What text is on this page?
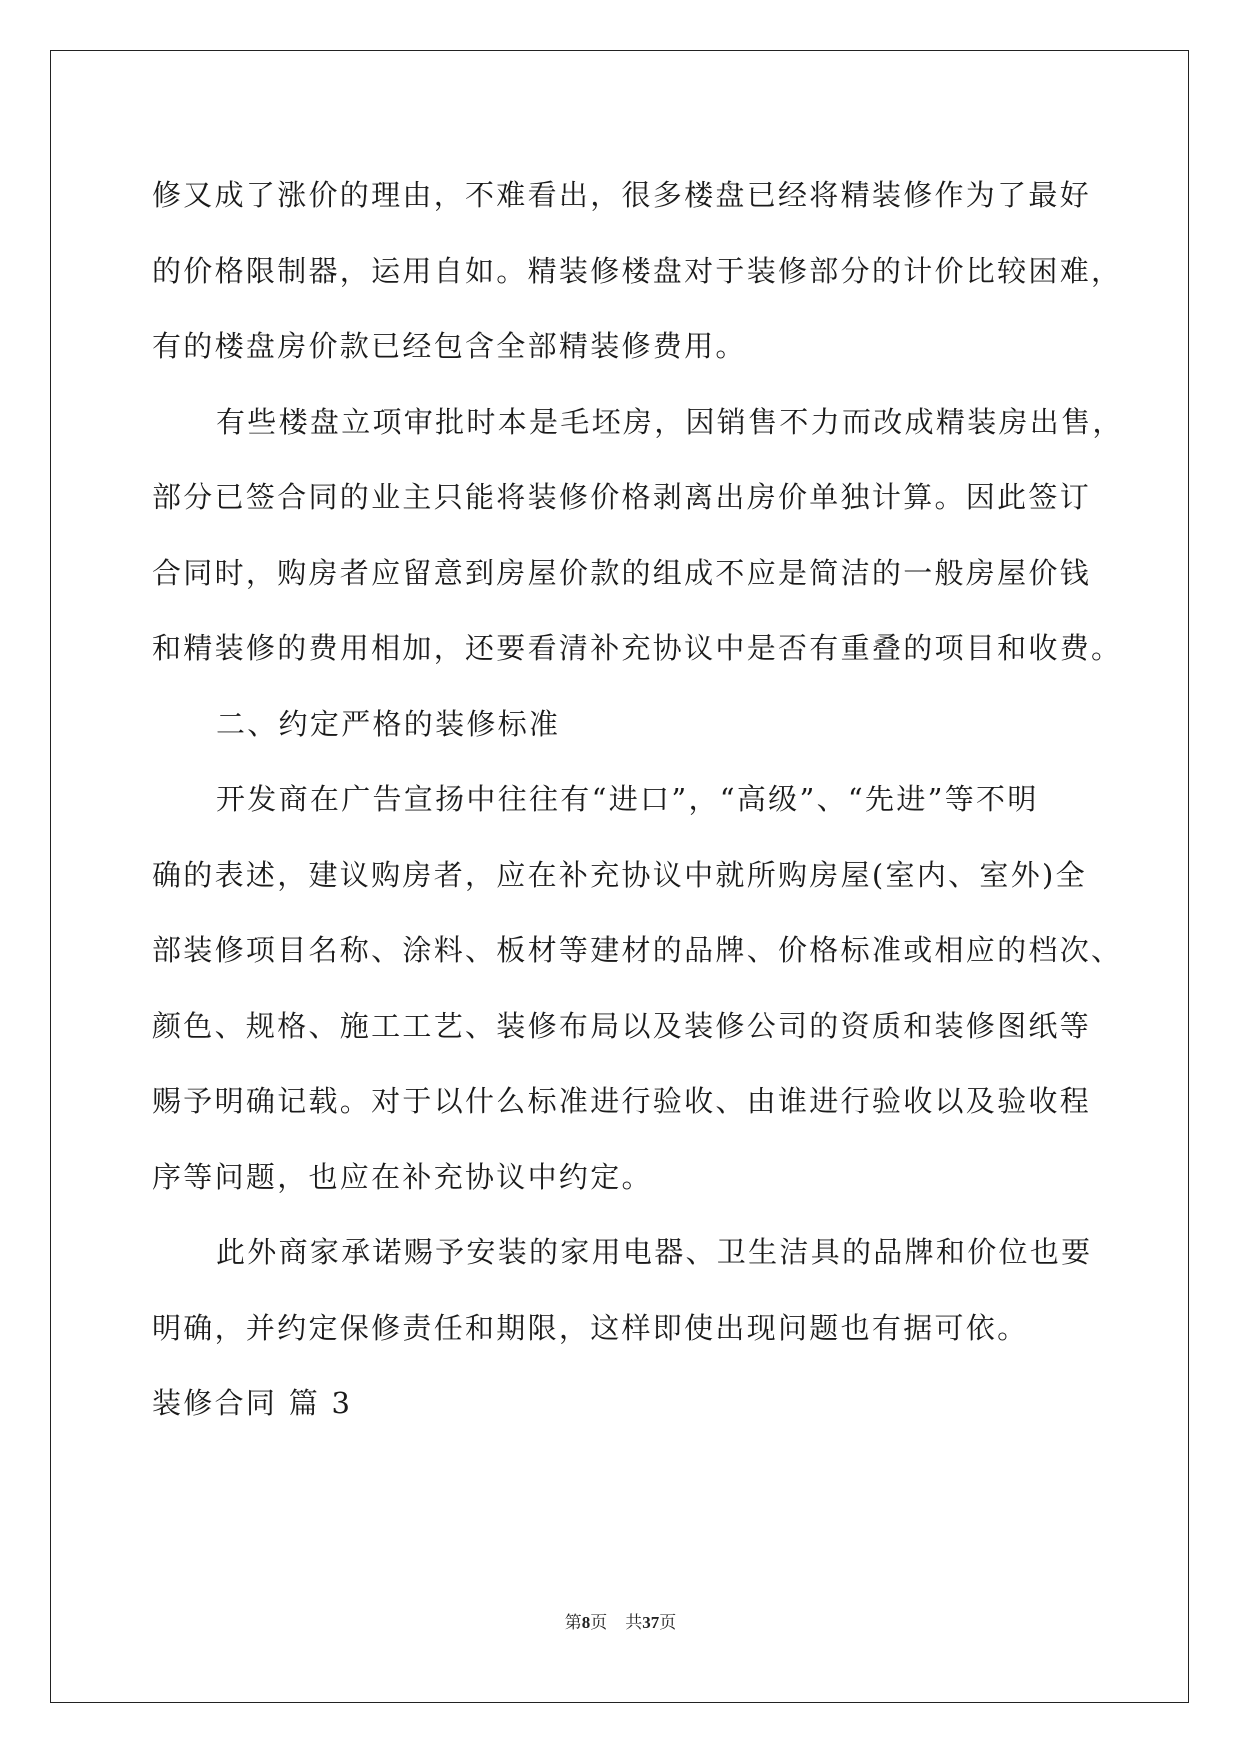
修又成了涨价的理由，不难看出，很多楼盘已经将精装修作为了最好
的价格限制器，运用自如。精装修楼盘对于装修部分的计价比较困难，
有的楼盘房价款已经包含全部精装修费用。
有些楼盘立项审批时本是毛坯房，因销售不力而改成精装房出售，
部分已签合同的业主只能将装修价格剥离出房价单独计算。因此签订
合同时，购房者应留意到房屋价款的组成不应是简洁的一般房屋价钱
和精装修的费用相加，还要看清补充协议中是否有重叠的项目和收费。
二、约定严格的装修标准
开发商在广告宣扬中往往有“进口”，“高级”、“先进”等不明
确的表述，建议购房者，应在补充协议中就所购房屋(室内、室外)全
部装修项目名称、涂料、板材等建材的品牌、价格标准或相应的档次、
颜色、规格、施工工艺、装修布局以及装修公司的资质和装修图纸等
赐予明确记载。对于以什么标准进行验收、由谁进行验收以及验收程
序等问题，也应在补充协议中约定。
此外商家承诺赐予安装的家用电器、卫生洁具的品牌和价位也要
明确，并约定保修责任和期限，这样即使出现问题也有据可依。
装修合同 篇 3
第8页 共37页
